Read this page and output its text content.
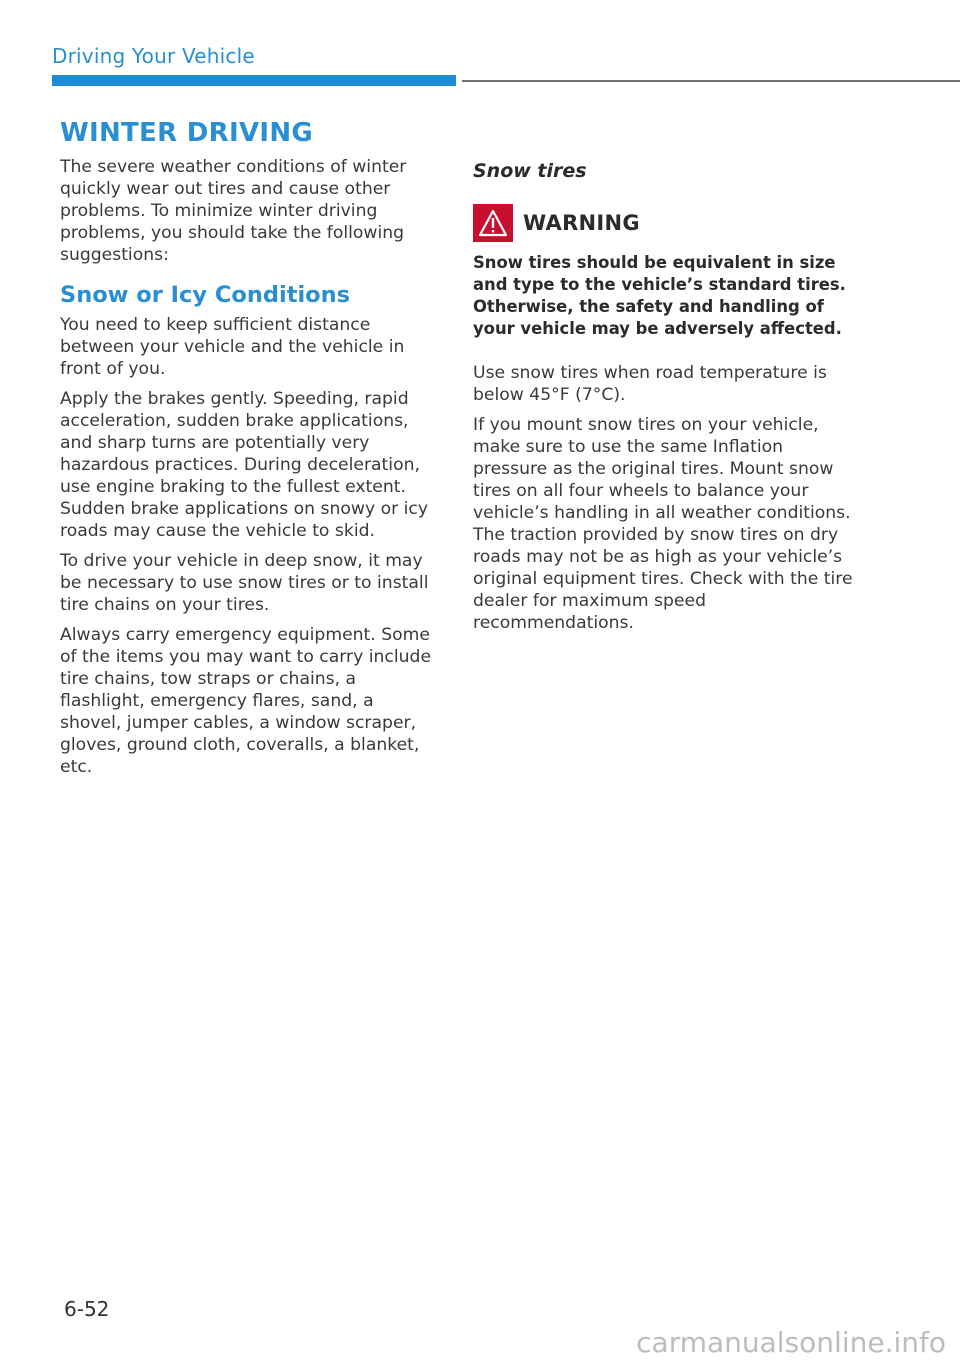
Driving Your Vehicle
WINTER DRIVING

The severe weather conditions of winter quickly wear out tires and cause other problems. To minimize winter driving problems, you should take the following suggestions:

Snow or Icy Conditions

You need to keep sufficient distance between your vehicle and the vehicle in front of you.

Apply the brakes gently. Speeding, rapid acceleration, sudden brake applications, and sharp turns are potentially very hazardous practices. During deceleration, use engine braking to the fullest extent. Sudden brake applications on snowy or icy roads may cause the vehicle to skid.

To drive your vehicle in deep snow, it may be necessary to use snow tires or to install tire chains on your tires.

Always carry emergency equipment. Some of the items you may want to carry include tire chains, tow straps or chains, a flashlight, emergency flares, sand, a shovel, jumper cables, a window scraper, gloves, ground cloth, coveralls, a blanket, etc.

Snow tires
WARNING

Snow tires should be equivalent in size and type to the vehicle’s standard tires. Otherwise, the safety and handling of your vehicle may be adversely affected.

Use snow tires when road temperature is below 45°F (7°C).

If you mount snow tires on your vehicle, make sure to use the same Inflation pressure as the original tires. Mount snow tires on all four wheels to balance your vehicle’s handling in all weather conditions. The traction provided by snow tires on dry roads may not be as high as your vehicle’s original equipment tires. Check with the tire dealer for maximum speed recommendations.

6-52
carmanualsonline.info
